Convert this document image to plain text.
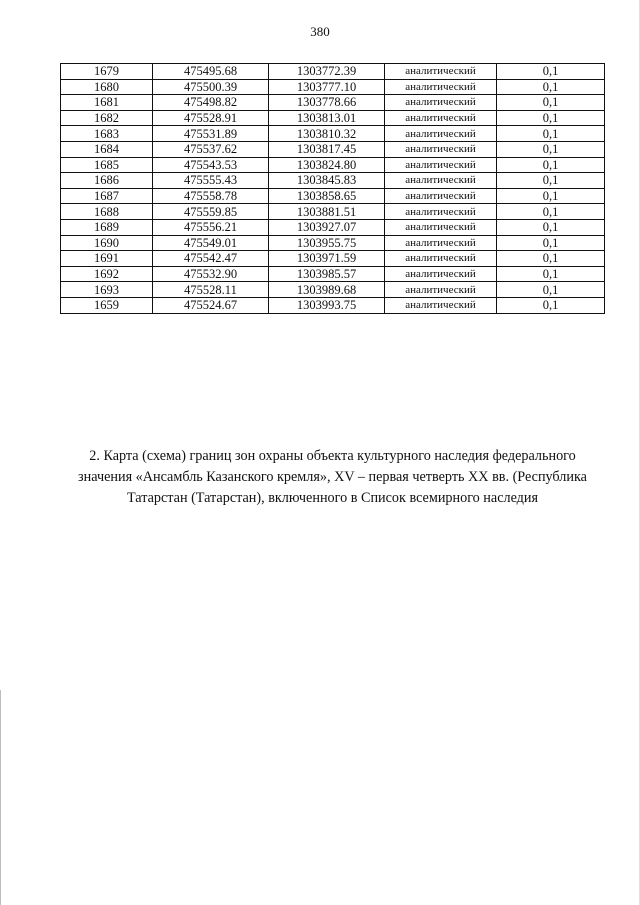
380
1679	475495.68	1303772.39	аналитический	0,1
1680	475500.39	1303777.10	аналитический	0,1
1681	475498.82	1303778.66	аналитический	0,1
1682	475528.91	1303813.01	аналитический	0,1
1683	475531.89	1303810.32	аналитический	0,1
1684	475537.62	1303817.45	аналитический	0,1
1685	475543.53	1303824.80	аналитический	0,1
1686	475555.43	1303845.83	аналитический	0,1
1687	475558.78	1303858.65	аналитический	0,1
1688	475559.85	1303881.51	аналитический	0,1
1689	475556.21	1303927.07	аналитический	0,1
1690	475549.01	1303955.75	аналитический	0,1
1691	475542.47	1303971.59	аналитический	0,1
1692	475532.90	1303985.57	аналитический	0,1
1693	475528.11	1303989.68	аналитический	0,1
1659	475524.67	1303993.75	аналитический	0,1
2. Карта (схема) границ зон охраны объекта культурного наследия федерального
значения «Ансамбль Казанского кремля», XV – первая четверть XX вв. (Республика
Татарстан (Татарстан), включенного в Список всемирного наследия
